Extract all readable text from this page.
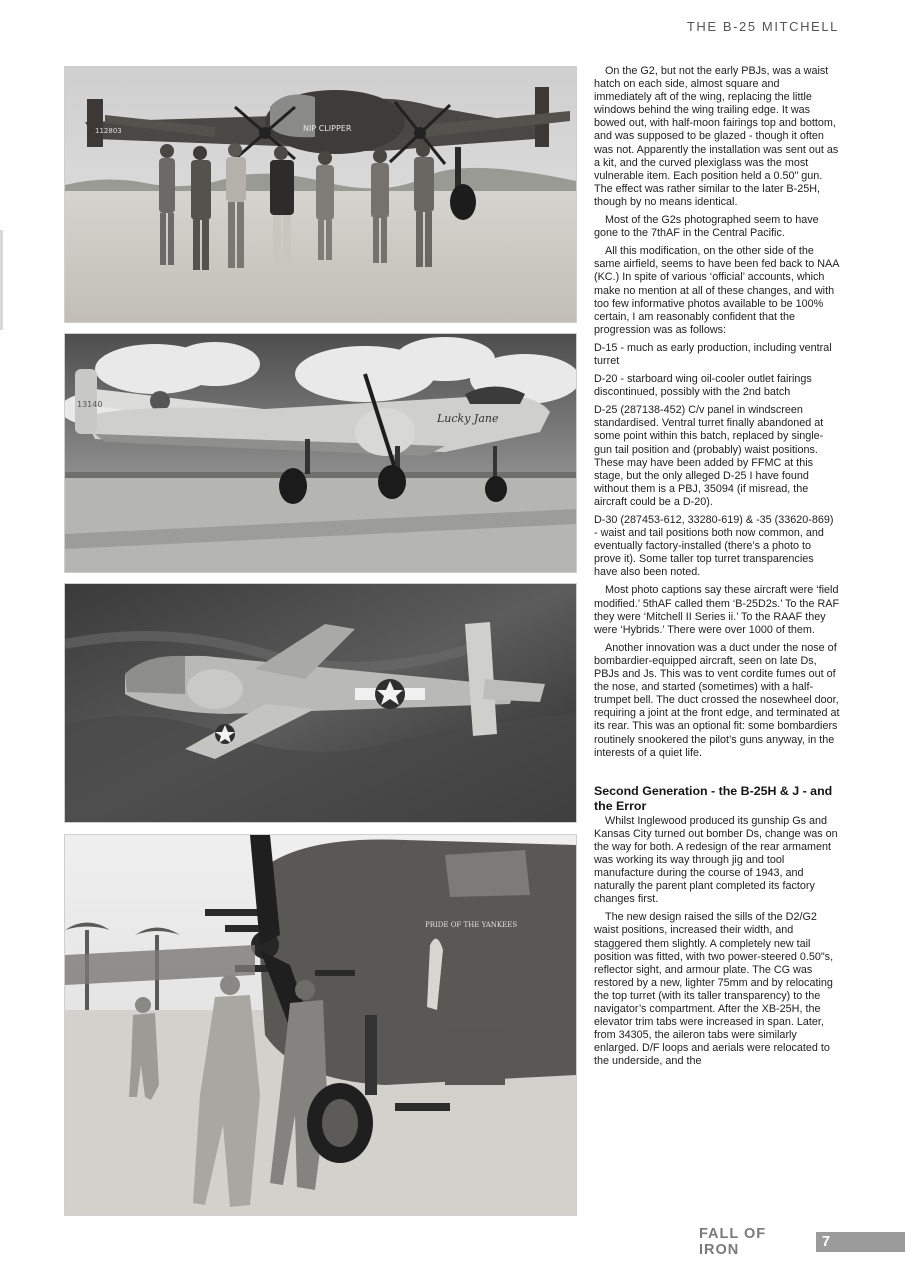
THE B-25 MITCHELL
112803	NIP CLIPPER
13140
Lucky Jane
PRIDE OF THE YANKEES

On the G2, but not the early PBJs, was a waist hatch on each side, almost square and immediately aft of the wing, replacing the little windows behind the wing trailing edge. It was bowed out, with half-moon fairings top and bottom, and was supposed to be glazed - though it often was not. Apparently the installation was sent out as a kit, and the curved plexiglass was the most vulnerable item. Each position held a 0.50" gun. The effect was rather similar to the later B-25H, though by no means identical.

Most of the G2s photographed seem to have gone to the 7thAF in the Central Pacific.

All this modification, on the other side of the same airfield, seems to have been fed back to NAA (KC.) In spite of various ‘official’ accounts, which make no mention at all of these changes, and with too few informative photos available to be 100% certain, I am reasonably confident that the progression was as follows:

D-15 - much as early production, including ventral turret

D-20 - starboard wing oil-cooler outlet fairings discontinued, possibly with the 2nd batch

D-25 (287138-452) C/v panel in windscreen standardised. Ventral turret finally abandoned at some point within this batch, replaced by single-gun tail position and (probably) waist positions. These may have been added by FFMC at this stage, but the only alleged D-25 I have found without them is a PBJ, 35094 (if misread, the aircraft could be a D-20).

D-30 (287453-612, 33280-619) & -35 (33620-869) - waist and tail positions both now common, and eventually factory-installed (there’s a photo to prove it). Some taller top turret transparencies have also been noted.

Most photo captions say these aircraft were ‘field modified.’ 5thAF called them ‘B-25D2s.’ To the RAF they were ‘Mitchell II Series ii.’ To the RAAF they were ‘Hybrids.’ There were over 1000 of them.

Another innovation was a duct under the nose of bombardier-equipped aircraft, seen on late Ds, PBJs and Js. This was to vent cordite fumes out of the nose, and started (sometimes) with a half-trumpet bell. The duct crossed the nosewheel door, requiring a joint at the front edge, and terminated at its rear. This was an optional fit: some bombardiers routinely snookered the pilot’s guns anyway, in the interests of a quiet life.

Second Generation - the B-25H & J - and the Error

Whilst Inglewood produced its gunship Gs and Kansas City turned out bomber Ds, change was on the way for both. A redesign of the rear armament was working its way through jig and tool manufacture during the course of 1943, and naturally the parent plant completed its factory changes first.

The new design raised the sills of the D2/G2 waist positions, increased their width, and staggered them slightly. A completely new tail position was fitted, with two power-steered 0.50"s, reflector sight, and armour plate. The CG was restored by a new, lighter 75mm and by relocating the top turret (with its taller transparency) to the navigator’s compartment. After the XB-25H, the elevator trim tabs were increased in span. Later, from 34305, the aileron tabs were similarly enlarged. D/F loops and aerials were relocated to the underside, and the

FALL OF IRON	7
